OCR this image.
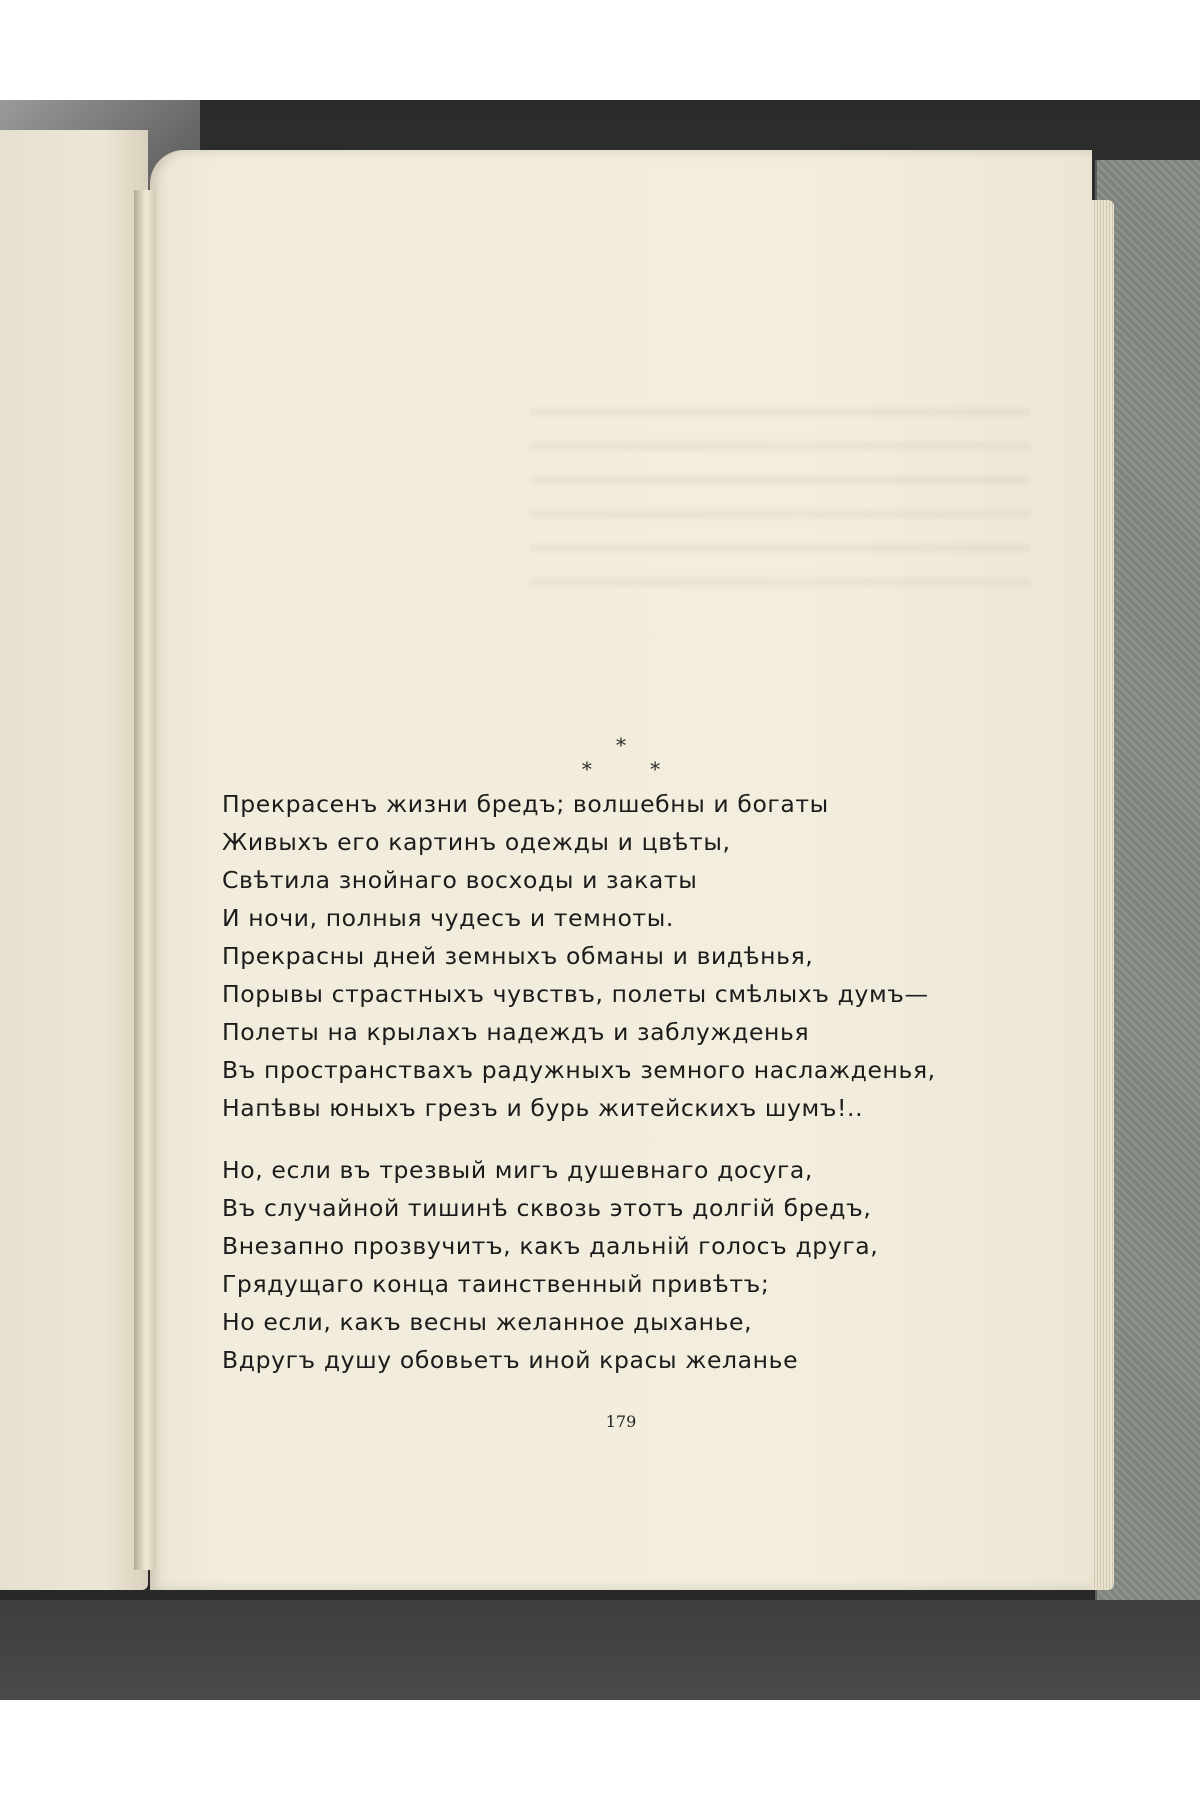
*
* *
Прекрасенъ жизни бредъ; волшебны и богаты
Живыхъ его картинъ одежды и цвѣты,
Свѣтила знойнаго восходы и закаты
И ночи, полныя чудесъ и темноты.
Прекрасны дней земныхъ обманы и видѣнья,
Порывы страстныхъ чувствъ, полеты смѣлыхъ думъ—
Полеты на крылахъ надеждъ и заблужденья
Въ пространствахъ радужныхъ земного наслажденья,
Напѣвы юныхъ грезъ и бурь житейскихъ шумъ!..
Но, если въ трезвый мигъ душевнаго досуга,
Въ случайной тишинѣ сквозь этотъ долгій бредъ,
Внезапно прозвучитъ, какъ дальній голосъ друга,
Грядущаго конца таинственный привѣтъ;
Но если, какъ весны желанное дыханье,
Вдругъ душу обовьетъ иной красы желанье
179
